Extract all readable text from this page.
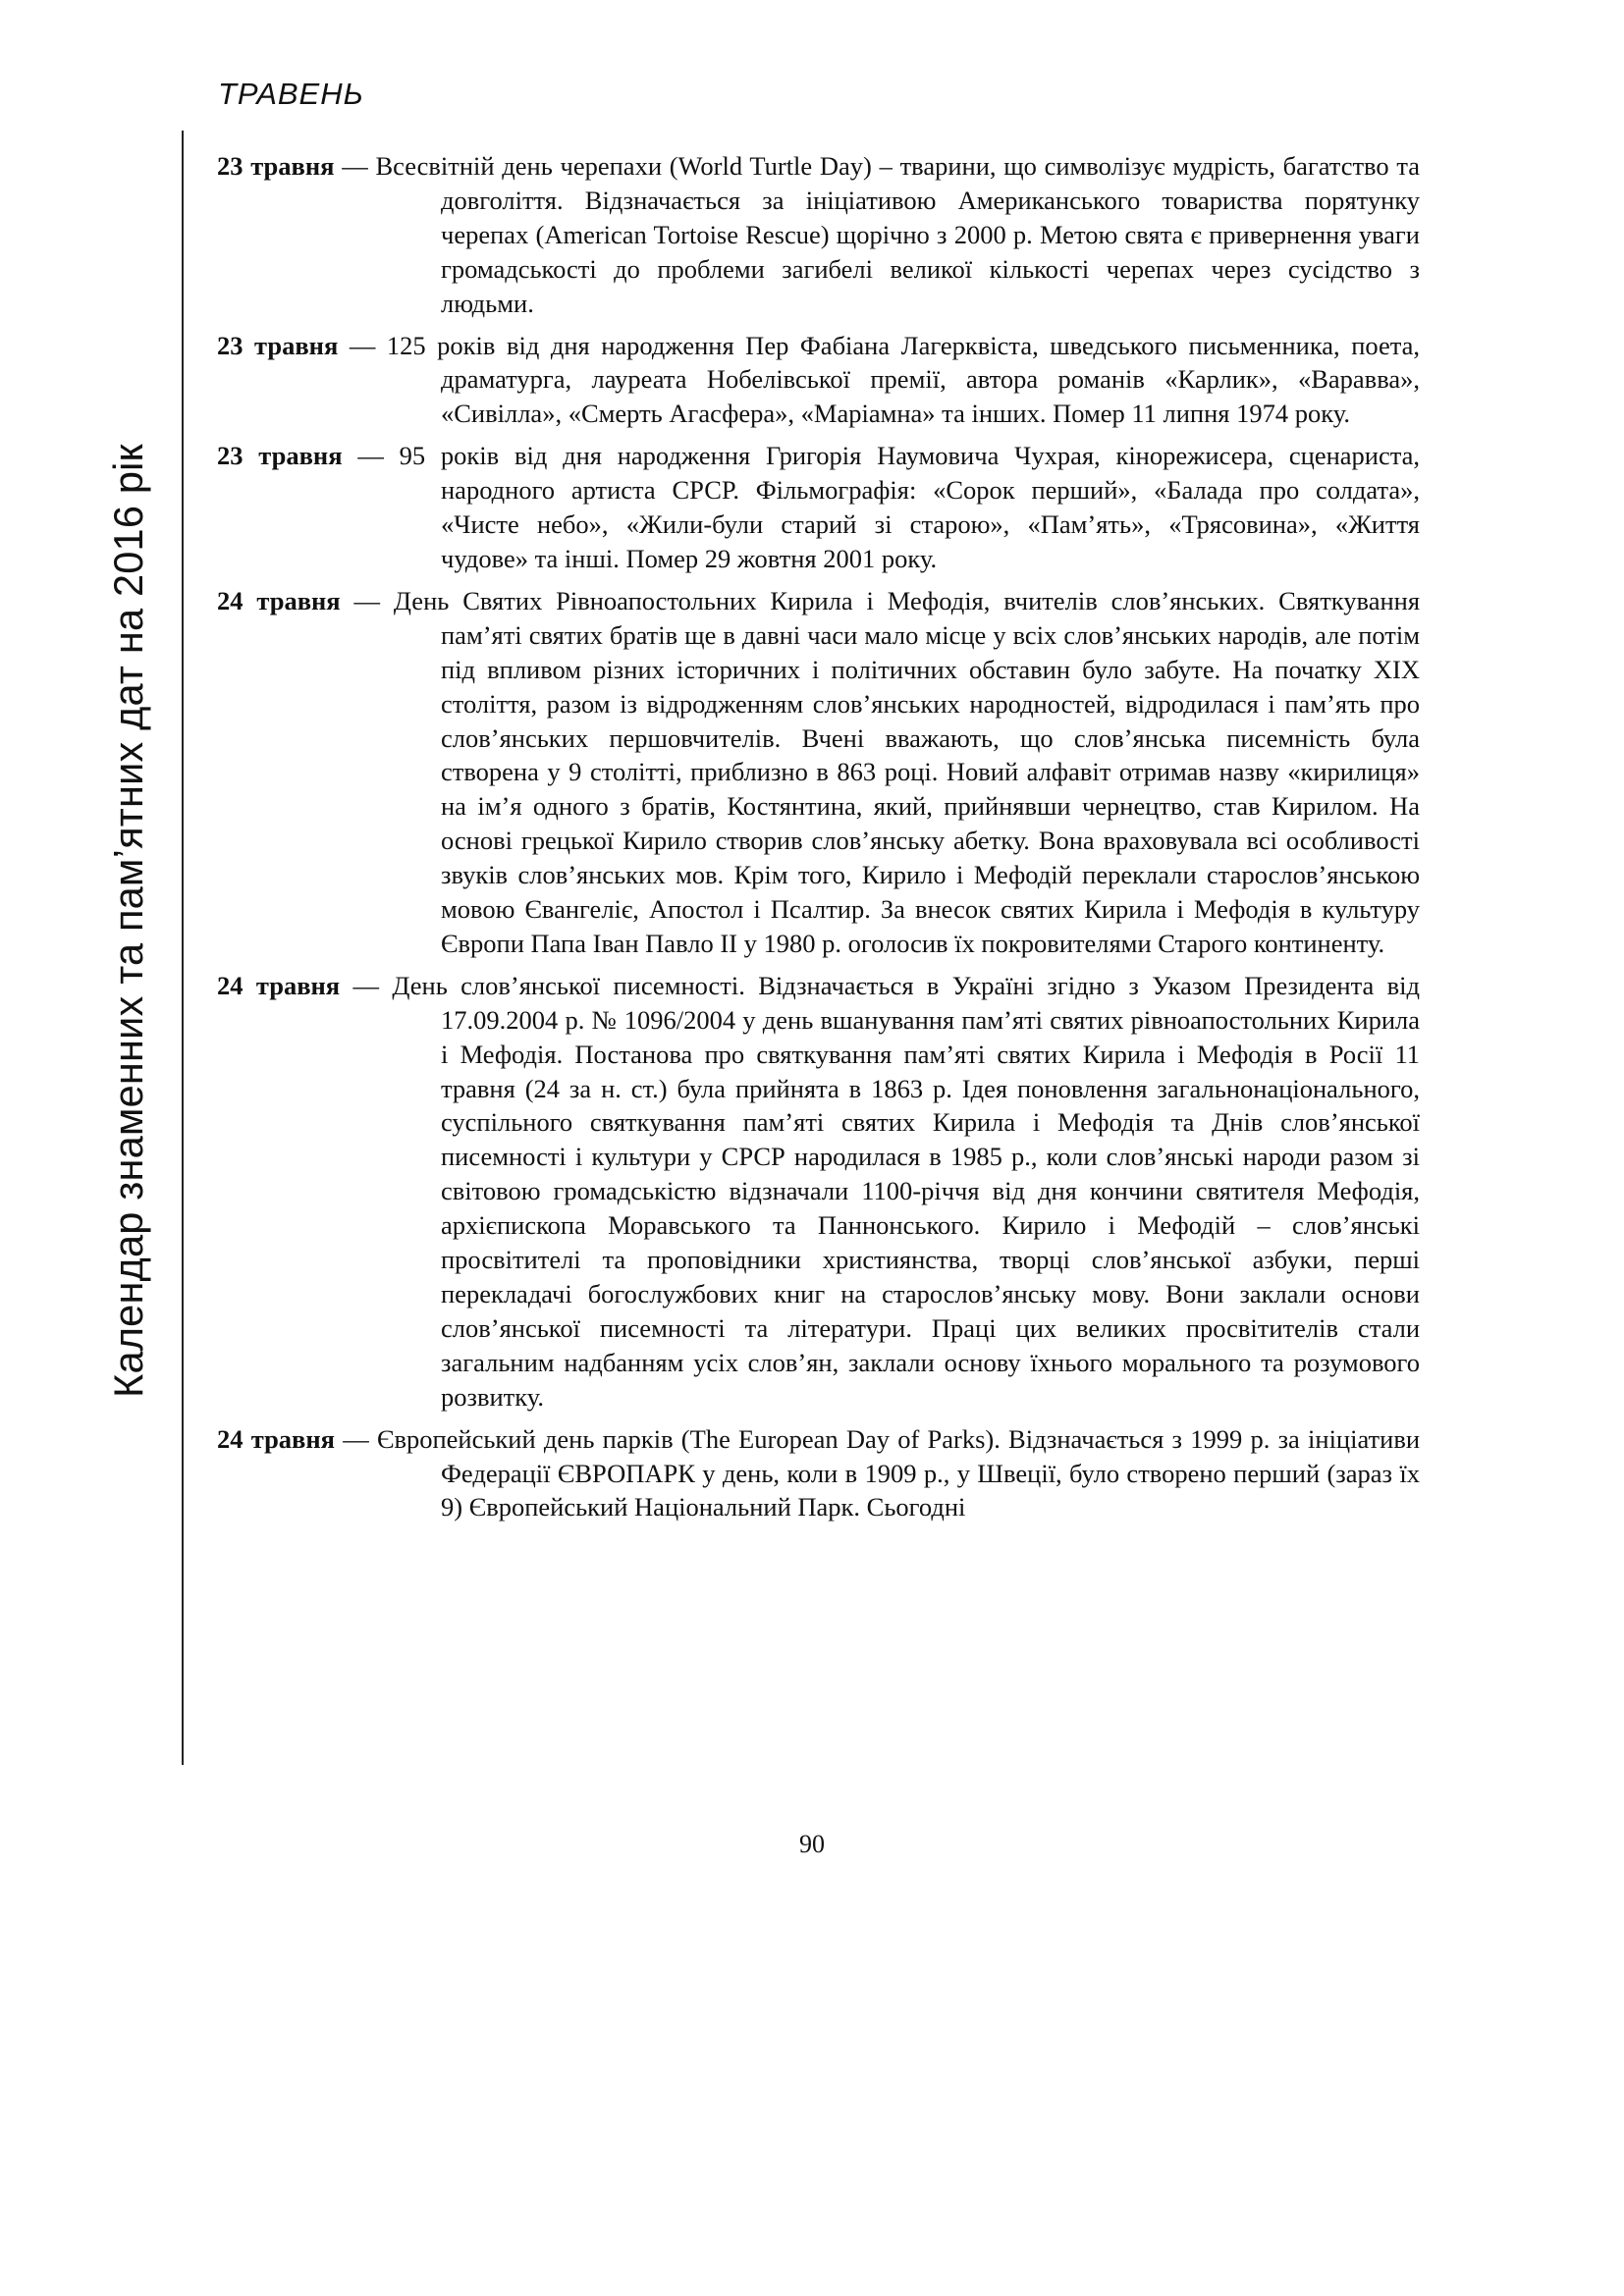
ТРАВЕНЬ
Календар знаменних та пам’ятних дат на 2016 рік

23 травня — Всесвітній день черепахи (World Turtle Day) – тварини, що символізує мудрість, багатство та довголіття. Відзначається за ініціативою Американського товариства порятунку черепах (American Tortoise Rescue) щорічно з 2000 р. Метою свята є привернення уваги громадськості до проблеми загибелі великої кількості черепах через сусідство з людьми.

23 травня — 125 років від дня народження Пер Фабіана Лагерквіста, шведського письменника, поета, драматурга, лауреата Нобелівської премії, автора романів «Карлик», «Варавва», «Сивілла», «Смерть Агасфера», «Маріамна» та інших. Помер 11 липня 1974 року.

23 травня — 95 років від дня народження Григорія Наумовича Чухрая, кінорежисера, сценариста, народного артиста СРСР. Фільмографія: «Сорок перший», «Балада про солдата», «Чисте небо», «Жили-були старий зі старою», «Пам’ять», «Трясовина», «Життя чудове» та інші. Помер 29 жовтня 2001 року.

24 травня — День Святих Рівноапостольних Кирила і Мефодія, вчителів слов’янських. Святкування пам’яті святих братів ще в давні часи мало місце у всіх слов’янських народів, але потім під впливом різних історичних і політичних обставин було забуте. На початку XIX століття, разом із відродженням слов’янських народностей, відродилася і пам’ять про слов’янських першовчителів. Вчені вважають, що слов’янська писемність була створена у 9 столітті, приблизно в 863 році. Новий алфавіт отримав назву «кирилиця» на ім’я одного з братів, Костянтина, який, прийнявши чернецтво, став Кирилом. На основі грецької Кирило створив слов’янську абетку. Вона враховувала всі особливості звуків слов’янських мов. Крім того, Кирило і Мефодій переклали старослов’янською мовою Євангеліє, Апостол і Псалтир. За внесок святих Кирила і Мефодія в культуру Європи Папа Іван Павло II у 1980 р. оголосив їх покровителями Старого континенту.

24 травня — День слов’янської писемності. Відзначається в Україні згідно з Указом Президента від 17.09.2004 р. № 1096/2004 у день вшанування пам’яті святих рівноапостольних Кирила і Мефодія. Постанова про святкування пам’яті святих Кирила і Мефодія в Росії 11 травня (24 за н. ст.) була прийнята в 1863 р. Ідея поновлення загальнонаціонального, суспільного святкування пам’яті святих Кирила і Мефодія та Днів слов’янської писемності і культури у СРСР народилася в 1985 р., коли слов’янські народи разом зі світовою громадськістю відзначали 1100-річчя від дня кончини святителя Мефодія, архієпископа Моравського та Паннонського. Кирило і Мефодій – слов’янські просвітителі та проповідники християнства, творці слов’янської азбуки, перші перекладачі богослужбових книг на старослов’янську мову. Вони заклали основи слов’янської писемності та літератури. Праці цих великих просвітителів стали загальним надбанням усіх слов’ян, заклали основу їхнього морального та розумового розвитку.

24 травня — Європейський день парків (The European Day of Parks). Відзначається з 1999 р. за ініціативи Федерації ЄВРОПАРК у день, коли в 1909 р., у Швеції, було створено перший (зараз їх 9) Європейський Національний Парк. Сьогодні

90
